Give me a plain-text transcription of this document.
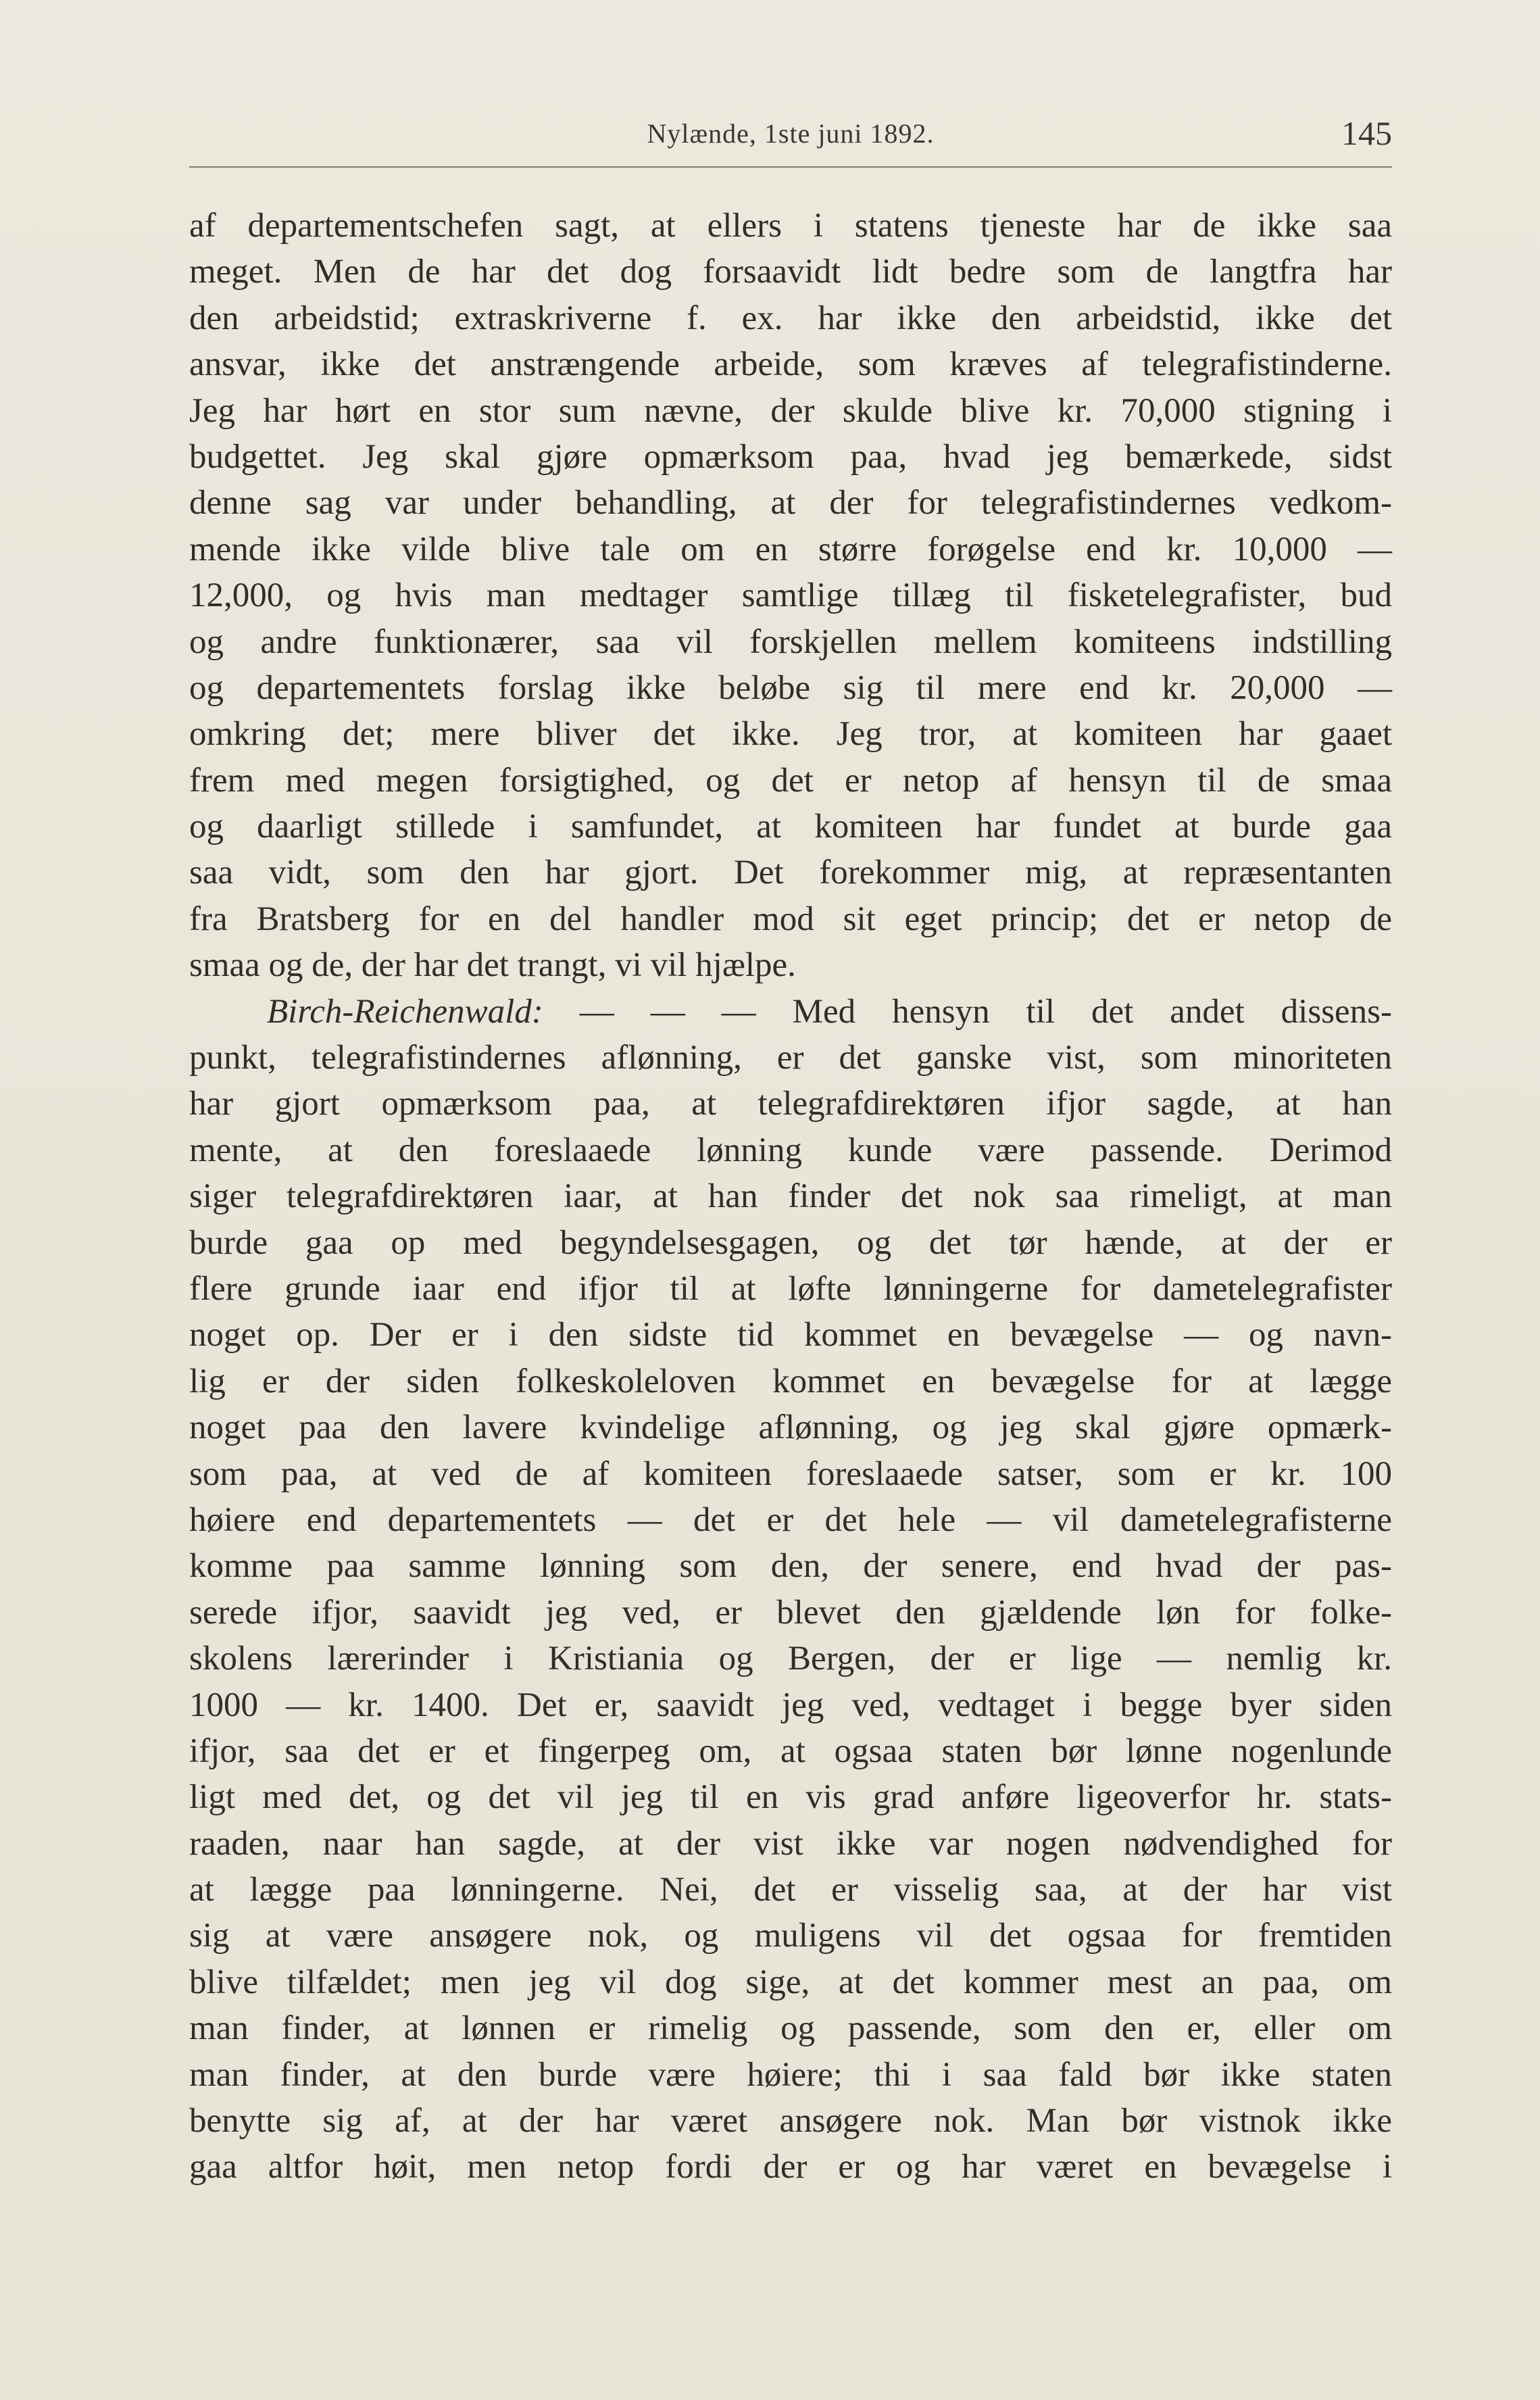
Nylænde, 1ste juni 1892.	145
af departementschefen sagt, at ellers i statens tjeneste har de ikke saa
meget. Men de har det dog forsaavidt lidt bedre som de langtfra har
den arbeidstid; extraskriverne f. ex. har ikke den arbeidstid, ikke det
ansvar, ikke det anstrængende arbeide, som kræves af telegrafistinderne.
Jeg har hørt en stor sum nævne, der skulde blive kr. 70,000 stigning i
budgettet. Jeg skal gjøre opmærksom paa, hvad jeg bemærkede, sidst
denne sag var under behandling, at der for telegrafistindernes vedkom-
mende ikke vilde blive tale om en større forøgelse end kr. 10,000 —
12,000, og hvis man medtager samtlige tillæg til fisketelegrafister, bud
og andre funktionærer, saa vil forskjellen mellem komiteens indstilling
og departementets forslag ikke beløbe sig til mere end kr. 20,000 —
omkring det; mere bliver det ikke. Jeg tror, at komiteen har gaaet
frem med megen forsigtighed, og det er netop af hensyn til de smaa
og daarligt stillede i samfundet, at komiteen har fundet at burde gaa
saa vidt, som den har gjort. Det forekommer mig, at repræsentanten
fra Bratsberg for en del handler mod sit eget princip; det er netop de
smaa og de, der har det trangt, vi vil hjælpe.
Birch-Reichenwald: — — — Med hensyn til det andet dissens-
punkt, telegrafistindernes aflønning, er det ganske vist, som minoriteten
har gjort opmærksom paa, at telegrafdirektøren ifjor sagde, at han
mente, at den foreslaaede lønning kunde være passende. Derimod
siger telegrafdirektøren iaar, at han finder det nok saa rimeligt, at man
burde gaa op med begyndelsesgagen, og det tør hænde, at der er
flere grunde iaar end ifjor til at løfte lønningerne for dametelegrafister
noget op. Der er i den sidste tid kommet en bevægelse — og navn-
lig er der siden folkeskoleloven kommet en bevægelse for at lægge
noget paa den lavere kvindelige aflønning, og jeg skal gjøre opmærk-
som paa, at ved de af komiteen foreslaaede satser, som er kr. 100
høiere end departementets — det er det hele — vil dametelegrafisterne
komme paa samme lønning som den, der senere, end hvad der pas-
serede ifjor, saavidt jeg ved, er blevet den gjældende løn for folke-
skolens lærerinder i Kristiania og Bergen, der er lige — nemlig kr.
1000 — kr. 1400. Det er, saavidt jeg ved, vedtaget i begge byer siden
ifjor, saa det er et fingerpeg om, at ogsaa staten bør lønne nogenlunde
ligt med det, og det vil jeg til en vis grad anføre ligeoverfor hr. stats-
raaden, naar han sagde, at der vist ikke var nogen nødvendighed for
at lægge paa lønningerne. Nei, det er visselig saa, at der har vist
sig at være ansøgere nok, og muligens vil det ogsaa for fremtiden
blive tilfældet; men jeg vil dog sige, at det kommer mest an paa, om
man finder, at lønnen er rimelig og passende, som den er, eller om
man finder, at den burde være høiere; thi i saa fald bør ikke staten
benytte sig af, at der har været ansøgere nok. Man bør vistnok ikke
gaa altfor høit, men netop fordi der er og har været en bevægelse i
